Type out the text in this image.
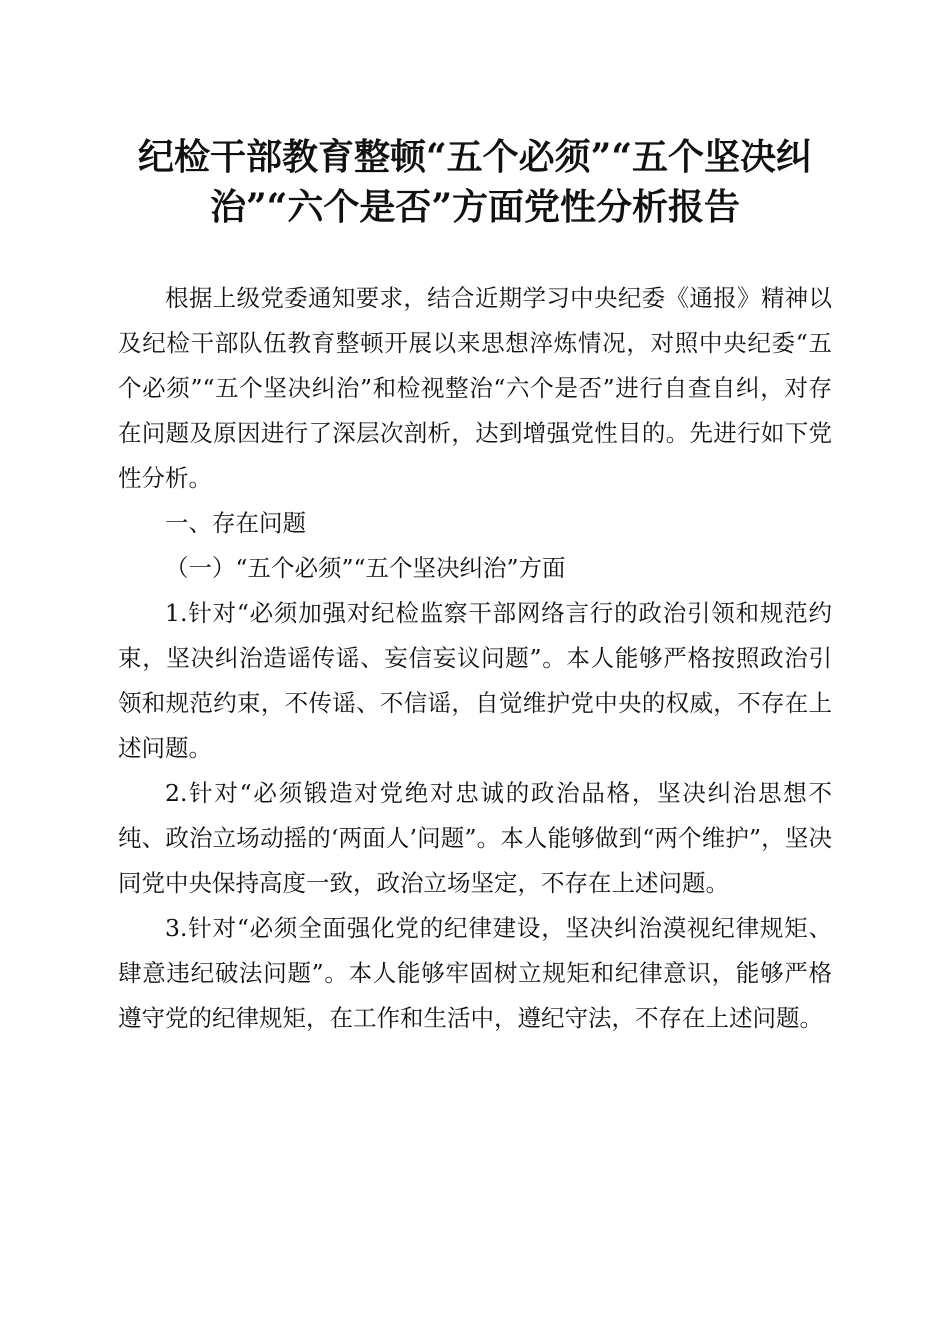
纪检干部教育整顿“五个必须”“五个坚决纠治”“六个是否”方面党性分析报告

根据上级党委通知要求，结合近期学习中央纪委《通报》精神以及纪检干部队伍教育整顿开展以来思想淬炼情况，对照中央纪委“五个必须”“五个坚决纠治”和检视整治“六个是否”进行自查自纠，对存在问题及原因进行了深层次剖析，达到增强党性目的。先进行如下党性分析。

一、存在问题

（一）“五个必须”“五个坚决纠治”方面

1.针对“必须加强对纪检监察干部网络言行的政治引领和规范约束，坚决纠治造谣传谣、妄信妄议问题”。本人能够严格按照政治引领和规范约束，不传谣、不信谣，自觉维护党中央的权威，不存在上述问题。

2.针对“必须锻造对党绝对忠诚的政治品格，坚决纠治思想不纯、政治立场动摇的‘两面人’问题”。本人能够做到“两个维护”，坚决同党中央保持高度一致，政治立场坚定，不存在上述问题。

3.针对“必须全面强化党的纪律建设，坚决纠治漠视纪律规矩、肆意违纪破法问题”。本人能够牢固树立规矩和纪律意识，能够严格遵守党的纪律规矩，在工作和生活中，遵纪守法，不存在上述问题。
